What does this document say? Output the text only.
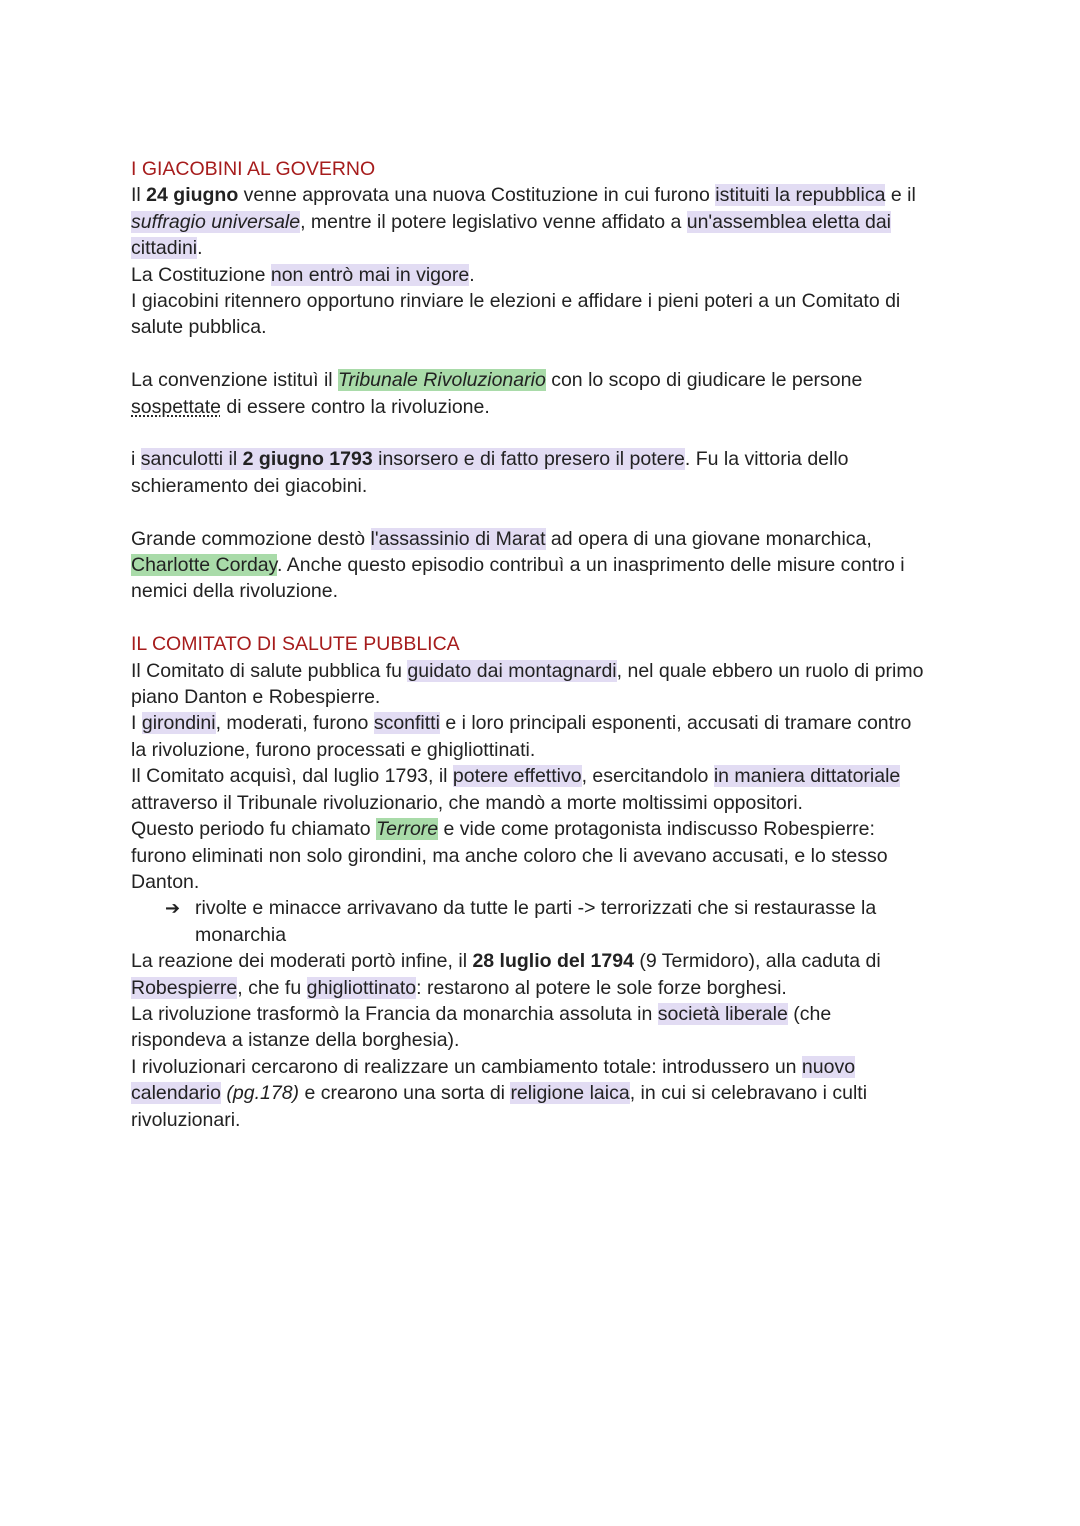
I GIACOBINI AL GOVERNO

Il 24 giugno venne approvata una nuova Costituzione in cui furono istituiti la repubblica e il

suffragio universale, mentre il potere legislativo venne affidato a un'assemblea eletta dai

cittadini.

La Costituzione non entrò mai in vigore.

I giacobini ritennero opportuno rinviare le elezioni e affidare i pieni poteri a un Comitato di

salute pubblica.

La convenzione istituì il Tribunale Rivoluzionario con lo scopo di giudicare le persone

sospettate di essere contro la rivoluzione.

i sanculotti il 2 giugno 1793 insorsero e di fatto presero il potere. Fu la vittoria dello

schieramento dei giacobini.

Grande commozione destò l'assassinio di Marat ad opera di una giovane monarchica,

Charlotte Corday. Anche questo episodio contribuì a un inasprimento delle misure contro i

nemici della rivoluzione.

IL COMITATO DI SALUTE PUBBLICA

Il Comitato di salute pubblica fu guidato dai montagnardi, nel quale ebbero un ruolo di primo

piano Danton e Robespierre.

I girondini, moderati, furono sconfitti e i loro principali esponenti, accusati di tramare contro

la rivoluzione, furono processati e ghigliottinati.

Il Comitato acquisì, dal luglio 1793, il potere effettivo, esercitandolo in maniera dittatoriale

attraverso il Tribunale rivoluzionario, che mandò a morte moltissimi oppositori.

Questo periodo fu chiamato Terrore e vide come protagonista indiscusso Robespierre:

furono eliminati non solo girondini, ma anche coloro che li avevano accusati, e lo stesso

Danton.

➔ rivolte e minacce arrivavano da tutte le parti -> terrorizzati che si restaurasse la

monarchia

La reazione dei moderati portò infine, il 28 luglio del 1794 (9 Termidoro), alla caduta di

Robespierre, che fu ghigliottinato: restarono al potere le sole forze borghesi.

La rivoluzione trasformò la Francia da monarchia assoluta in società liberale (che

rispondeva a istanze della borghesia).

I rivoluzionari cercarono di realizzare un cambiamento totale: introdussero un nuovo

calendario (pg.178) e crearono una sorta di religione laica, in cui si celebravano i culti

rivoluzionari.
